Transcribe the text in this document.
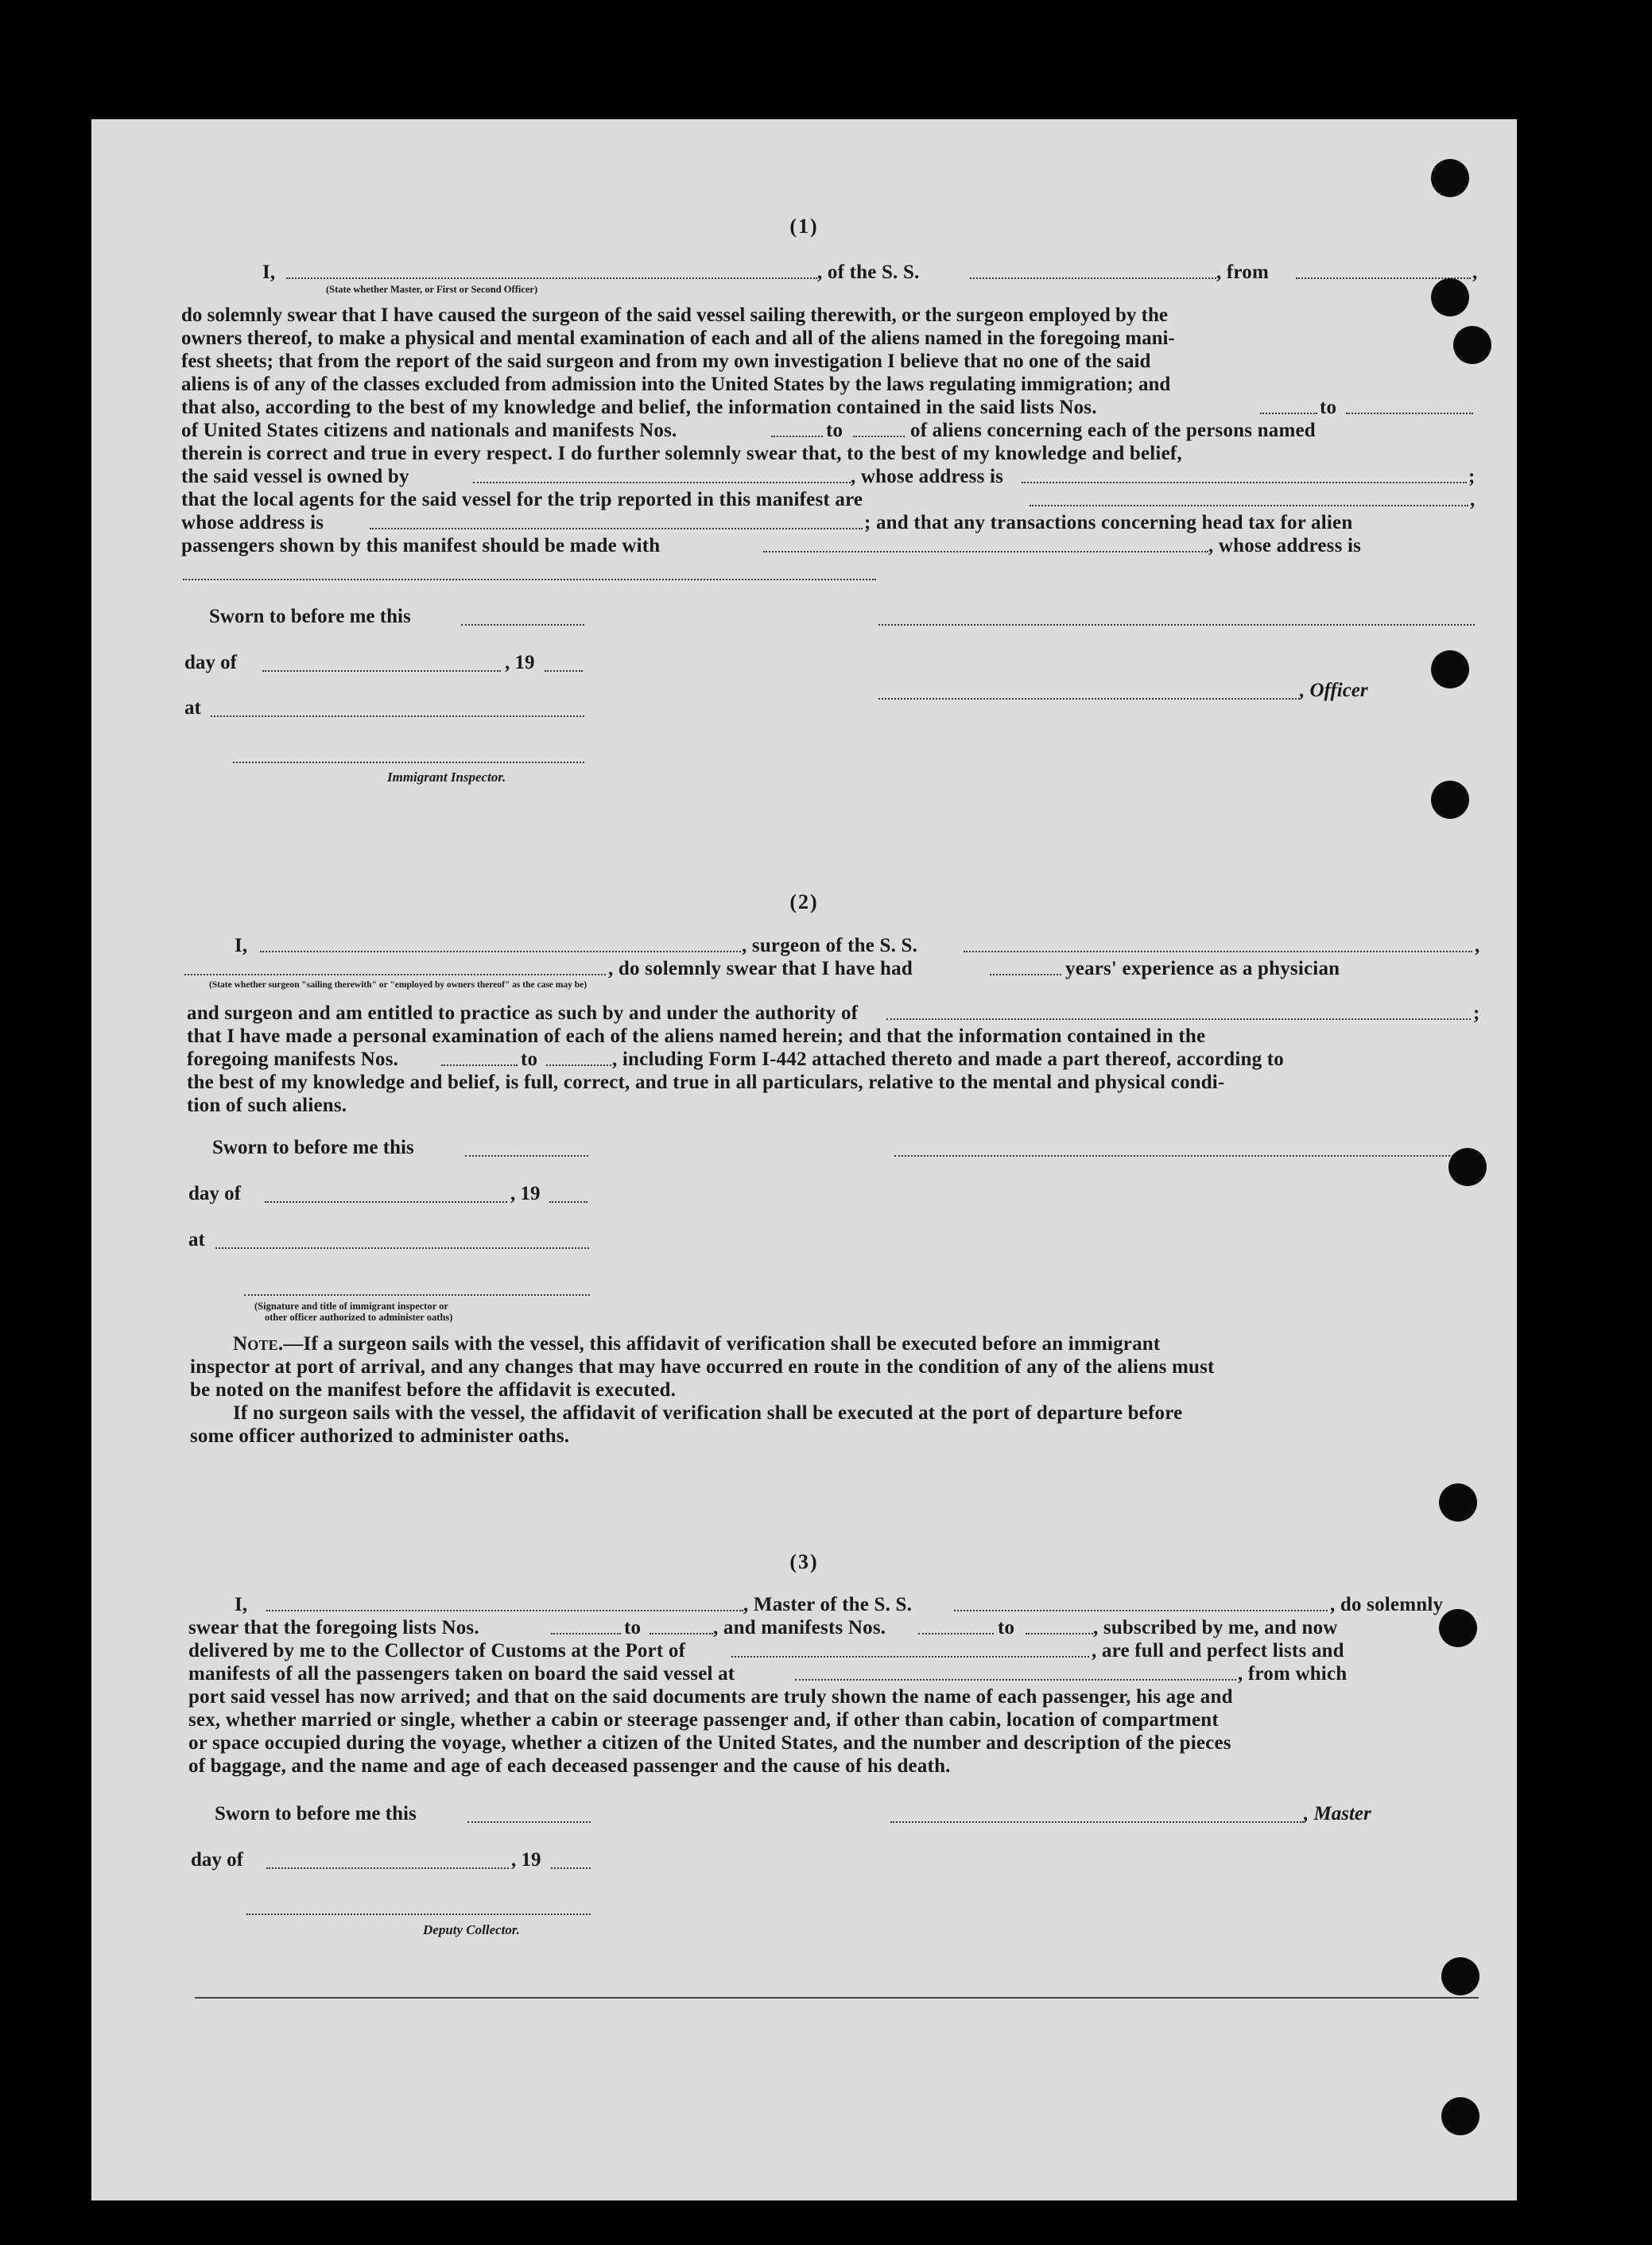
(1)
I,	, of the S. S.	, from	,
(State whether Master, or First or Second Officer)
do solemnly swear that I have caused the surgeon of the said vessel sailing therewith, or the surgeon employed by the
owners thereof, to make a physical and mental examination of each and all of the aliens named in the foregoing mani-
fest sheets; that from the report of the said surgeon and from my own investigation I believe that no one of the said
aliens is of any of the classes excluded from admission into the United States by the laws regulating immigration; and
that also, according to the best of my knowledge and belief, the information contained in the said lists Nos.	to
of United States citizens and nationals and manifests Nos.	to	of aliens concerning each of the persons named
therein is correct and true in every respect. I do further solemnly swear that, to the best of my knowledge and belief,
the said vessel is owned by	, whose address is	;
that the local agents for the said vessel for the trip reported in this manifest are	,
whose address is	; and that any transactions concerning head tax for alien
passengers shown by this manifest should be made with	, whose address is
Sworn to before me this
day of	, 19
, Officer
at
Immigrant Inspector.
(2)
I,	, surgeon of the S. S.	,
, do solemnly swear that I have had	years' experience as a physician
(State whether surgeon "sailing therewith" or "employed by owners thereof" as the case may be)
and surgeon and am entitled to practice as such by and under the authority of	;
that I have made a personal examination of each of the aliens named herein; and that the information contained in the
foregoing manifests Nos.	to	, including Form I-442 attached thereto and made a part thereof, according to
the best of my knowledge and belief, is full, correct, and true in all particulars, relative to the mental and physical condi-
tion of such aliens.
Sworn to before me this
day of	, 19
at
(Signature and title of immigrant inspector or
other officer authorized to administer oaths)
Note.—If a surgeon sails with the vessel, this affidavit of verification shall be executed before an immigrant
inspector at port of arrival, and any changes that may have occurred en route in the condition of any of the aliens must
be noted on the manifest before the affidavit is executed.
If no surgeon sails with the vessel, the affidavit of verification shall be executed at the port of departure before
some officer authorized to administer oaths.
(3)
I,	, Master of the S. S.	, do solemnly
swear that the foregoing lists Nos.	to	, and manifests Nos.	to	, subscribed by me, and now
delivered by me to the Collector of Customs at the Port of	, are full and perfect lists and
manifests of all the passengers taken on board the said vessel at	, from which
port said vessel has now arrived; and that on the said documents are truly shown the name of each passenger, his age and
sex, whether married or single, whether a cabin or steerage passenger and, if other than cabin, location of compartment
or space occupied during the voyage, whether a citizen of the United States, and the number and description of the pieces
of baggage, and the name and age of each deceased passenger and the cause of his death.
Sworn to before me this	, Master
day of	, 19
Deputy Collector.
